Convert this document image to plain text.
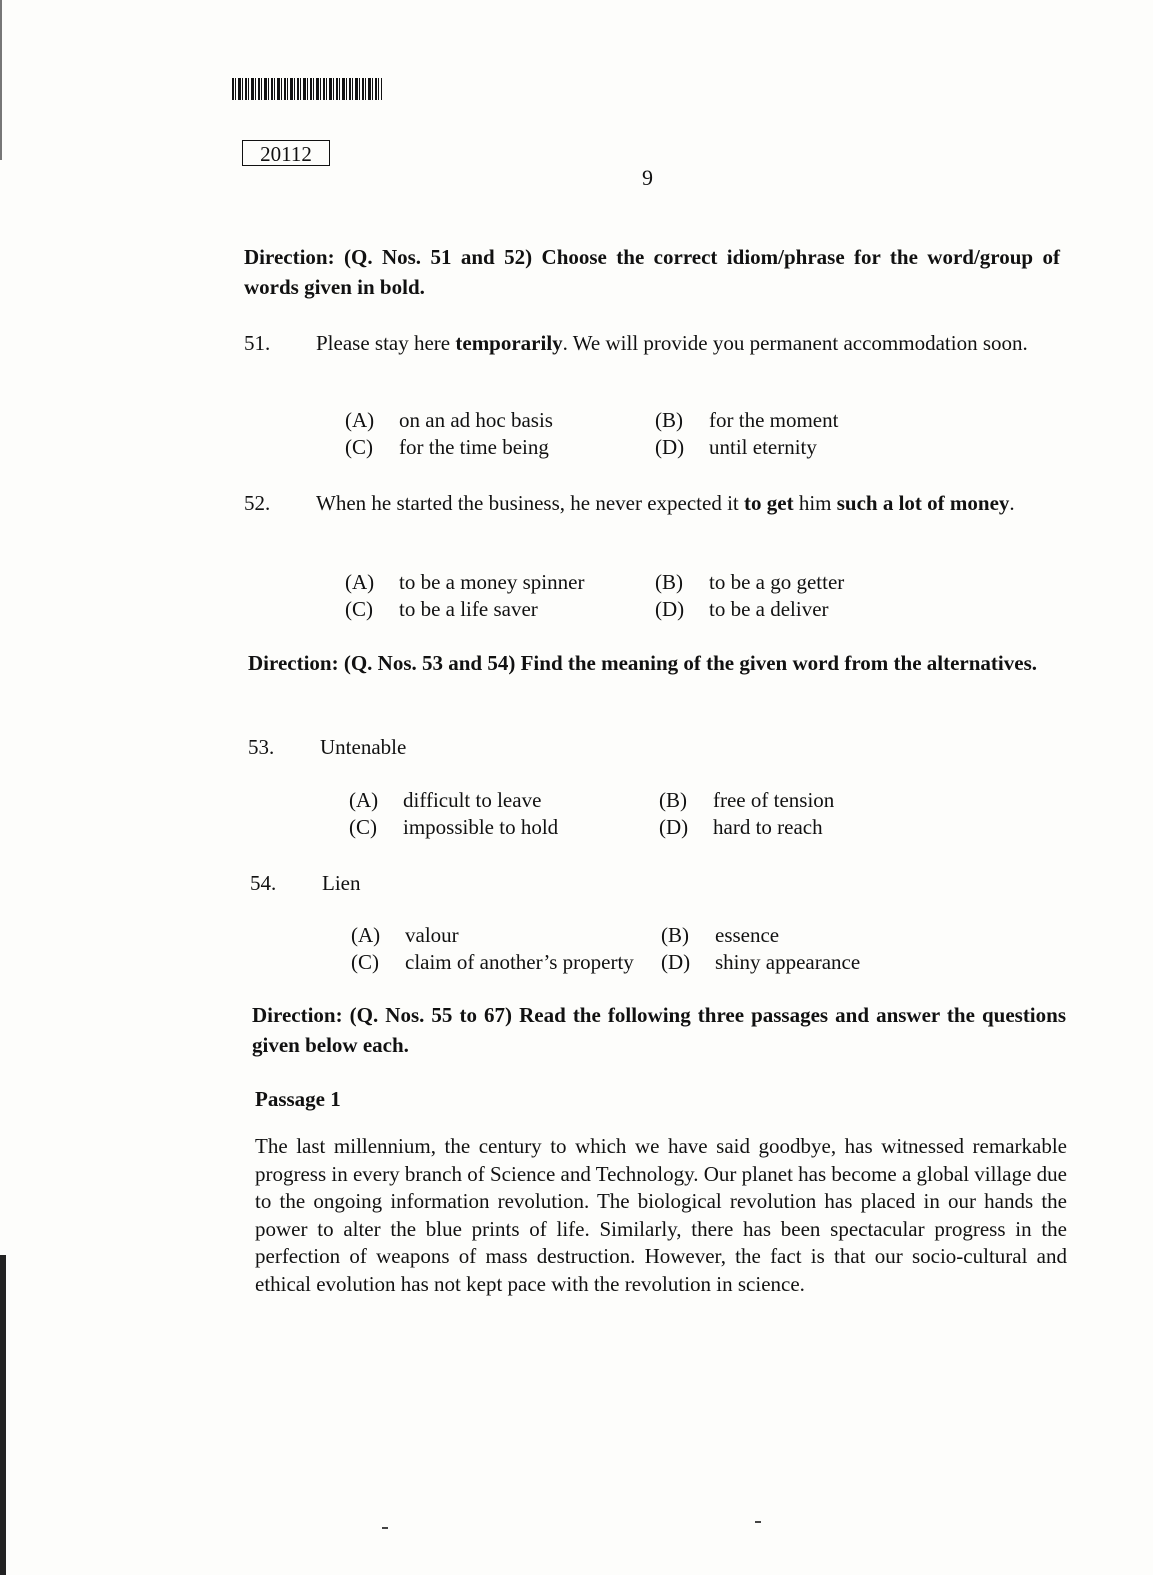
20112
9
Direction: (Q. Nos. 51 and 52) Choose the correct idiom/phrase for the word/group of words given in bold.
51.	Please stay here temporarily. We will provide you permanent accommodation soon.
(A)	on an ad hoc basis	(B)	for the moment
(C)	for the time being	(D)	until eternity
52.	When he started the business, he never expected it to get him such a lot of money.
(A)	to be a money spinner	(B)	to be a go getter
(C)	to be a life saver	(D)	to be a deliver
Direction: (Q. Nos. 53 and 54) Find the meaning of the given word from the alternatives.
53.	Untenable
(A)	difficult to leave	(B)	free of tension
(C)	impossible to hold	(D)	hard to reach
54.	Lien
(A)	valour	(B)	essence
(C)	claim of another’s property (D)	shiny appearance
Direction: (Q. Nos. 55 to 67) Read the following three passages and answer the questions given below each.
Passage 1
The last millennium, the century to which we have said goodbye, has witnessed remarkable progress in every branch of Science and Technology. Our planet has become a global village due to the ongoing information revolution. The biological revolution has placed in our hands the power to alter the blue prints of life. Similarly, there has been spectacular progress in the perfection of weapons of mass destruction. However, the fact is that our socio-cultural and ethical evolution has not kept pace with the revolution in science.
